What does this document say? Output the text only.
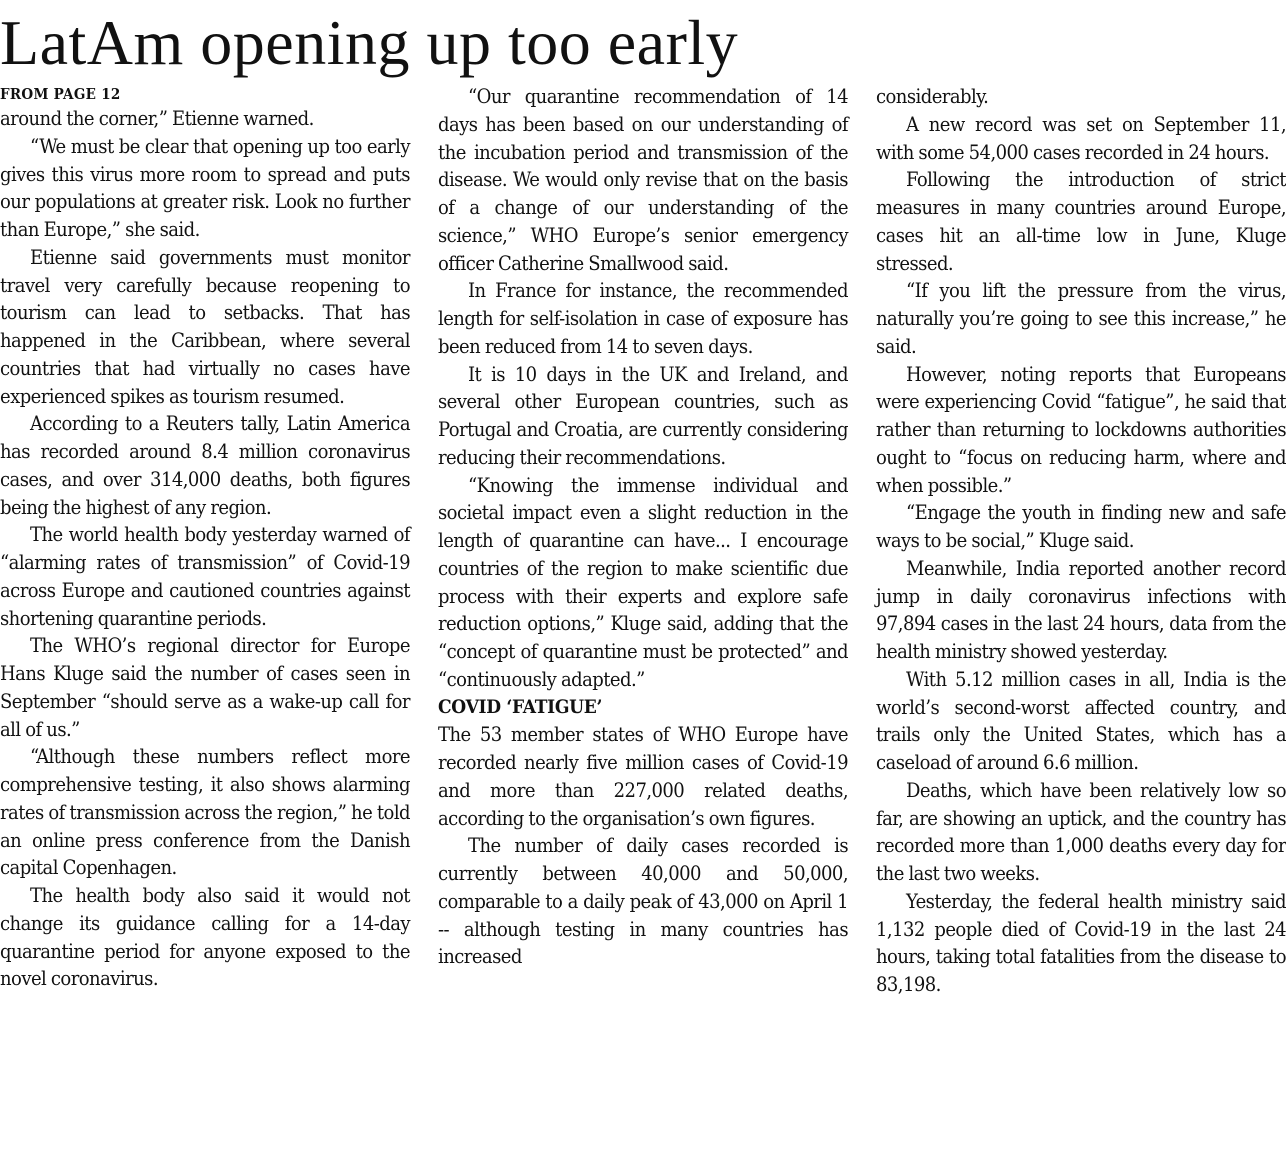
LatAm opening up too early
FROM PAGE 12

around the corner,” Etienne warned.

“We must be clear that opening up too early gives this virus more room to spread and puts our populations at greater risk. Look no further than Europe,” she said.

Etienne said governments must monitor travel very carefully because reopening to tourism can lead to setbacks. That has happened in the Caribbean, where several countries that had virtually no cases have experienced spikes as tourism resumed.

According to a Reuters tally, Latin America has recorded around 8.4 million coronavirus cases, and over 314,000 deaths, both figures being the highest of any region.

The world health body yesterday warned of “alarming rates of transmission” of Covid-19 across Europe and cautioned countries against shortening quarantine periods.

The WHO’s regional director for Europe Hans Kluge said the number of cases seen in September “should serve as a wake-up call for all of us.”

“Although these numbers reflect more comprehensive testing, it also shows alarming rates of transmission across the region,” he told an online press conference from the Danish capital Copenhagen.

The health body also said it would not change its guidance calling for a 14-day quarantine period for anyone exposed to the novel coronavirus.

“Our quarantine recommendation of 14 days has been based on our understanding of the incubation period and transmission of the disease. We would only revise that on the basis of a change of our understanding of the science,” WHO Europe’s senior emergency officer Catherine Smallwood said.

In France for instance, the recommended length for self-isolation in case of exposure has been reduced from 14 to seven days.

It is 10 days in the UK and Ireland, and several other European countries, such as Portugal and Croatia, are currently considering reducing their recommendations.

“Knowing the immense individual and societal impact even a slight reduction in the length of quarantine can have... I encourage countries of the region to make scientific due process with their experts and explore safe reduction options,” Kluge said, adding that the “concept of quarantine must be protected” and “continuously adapted.”

COVID ‘FATIGUE’

The 53 member states of WHO Europe have recorded nearly five million cases of Covid-19 and more than 227,000 related deaths, according to the organisation’s own figures.

The number of daily cases recorded is currently between 40,000 and 50,000, comparable to a daily peak of 43,000 on April 1 -- although testing in many countries has increased

considerably.

A new record was set on September 11, with some 54,000 cases recorded in 24 hours.

Following the introduction of strict measures in many countries around Europe, cases hit an all-time low in June, Kluge stressed.

“If you lift the pressure from the virus, naturally you’re going to see this increase,” he said.

However, noting reports that Europeans were experiencing Covid “fatigue”, he said that rather than returning to lockdowns authorities ought to “focus on reducing harm, where and when possible.”

“Engage the youth in finding new and safe ways to be social,” Kluge said.

Meanwhile, India reported another record jump in daily coronavirus infections with 97,894 cases in the last 24 hours, data from the health ministry showed yesterday.

With 5.12 million cases in all, India is the world’s second-worst affected country, and trails only the United States, which has a caseload of around 6.6 million.

Deaths, which have been relatively low so far, are showing an uptick, and the country has recorded more than 1,000 deaths every day for the last two weeks.

Yesterday, the federal health ministry said 1,132 people died of Covid-19 in the last 24 hours, taking total fatalities from the disease to 83,198.
